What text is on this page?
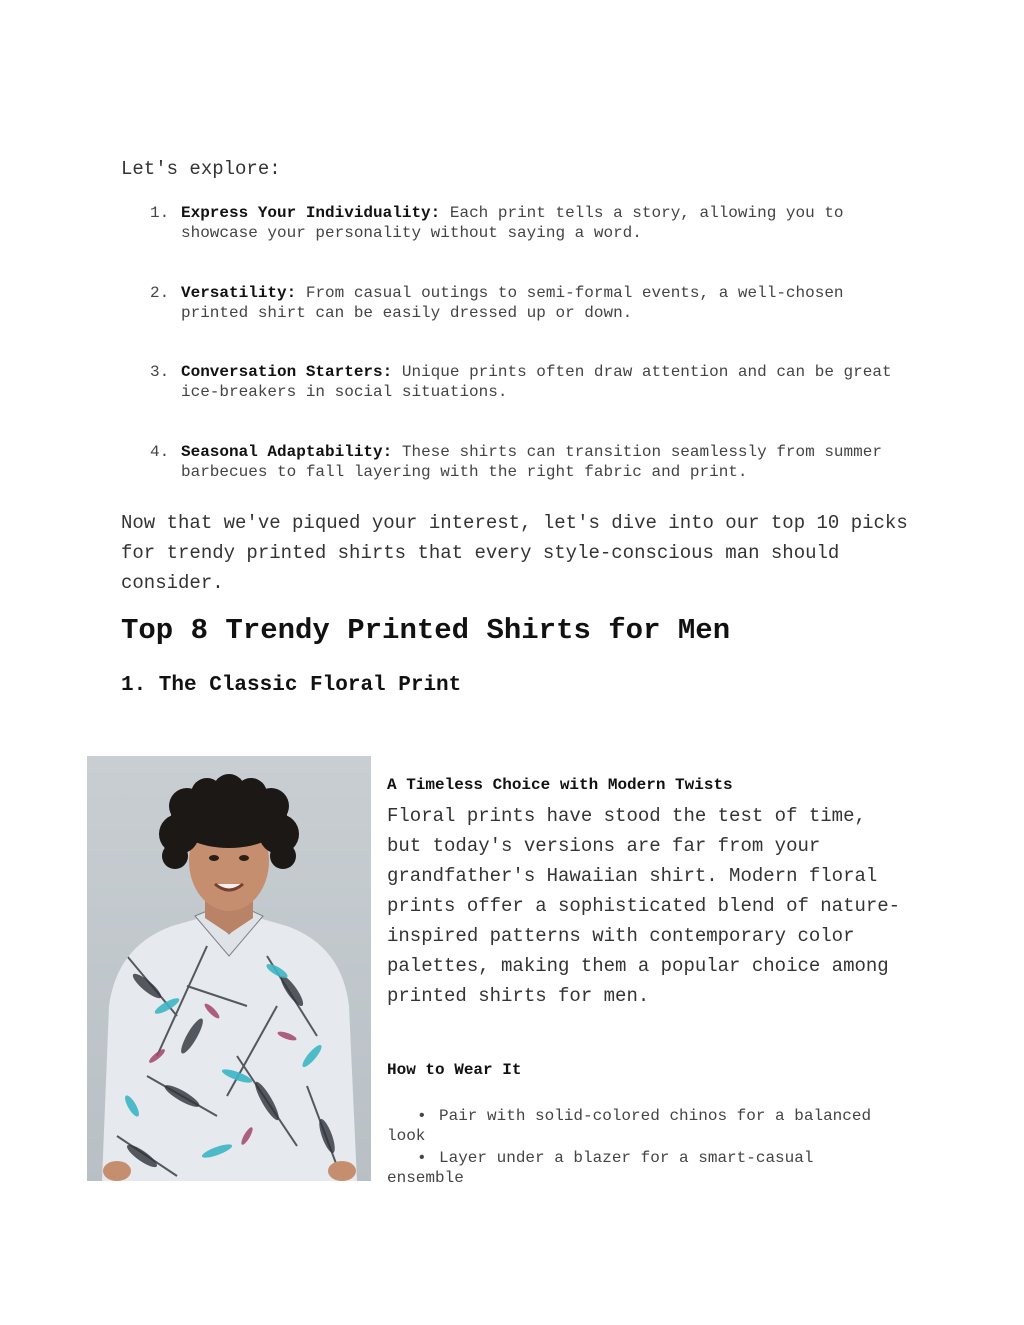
Let's explore:
1. Express Your Individuality: Each print tells a story, allowing you to showcase your personality without saying a word.
2. Versatility: From casual outings to semi-formal events, a well-chosen printed shirt can be easily dressed up or down.
3. Conversation Starters: Unique prints often draw attention and can be great ice-breakers in social situations.
4. Seasonal Adaptability: These shirts can transition seamlessly from summer barbecues to fall layering with the right fabric and print.
Now that we've piqued your interest, let's dive into our top 10 picks for trendy printed shirts that every style-conscious man should consider.
Top 8 Trendy Printed Shirts for Men
1. The Classic Floral Print
A Timeless Choice with Modern Twists
Floral prints have stood the test of time, but today's versions are far from your grandfather's Hawaiian shirt. Modern floral prints offer a sophisticated blend of nature-inspired patterns with contemporary color palettes, making them a popular choice among printed shirts for men.
How to Wear It
• Pair with solid-colored chinos for a balanced look
• Layer under a blazer for a smart-casual ensemble
